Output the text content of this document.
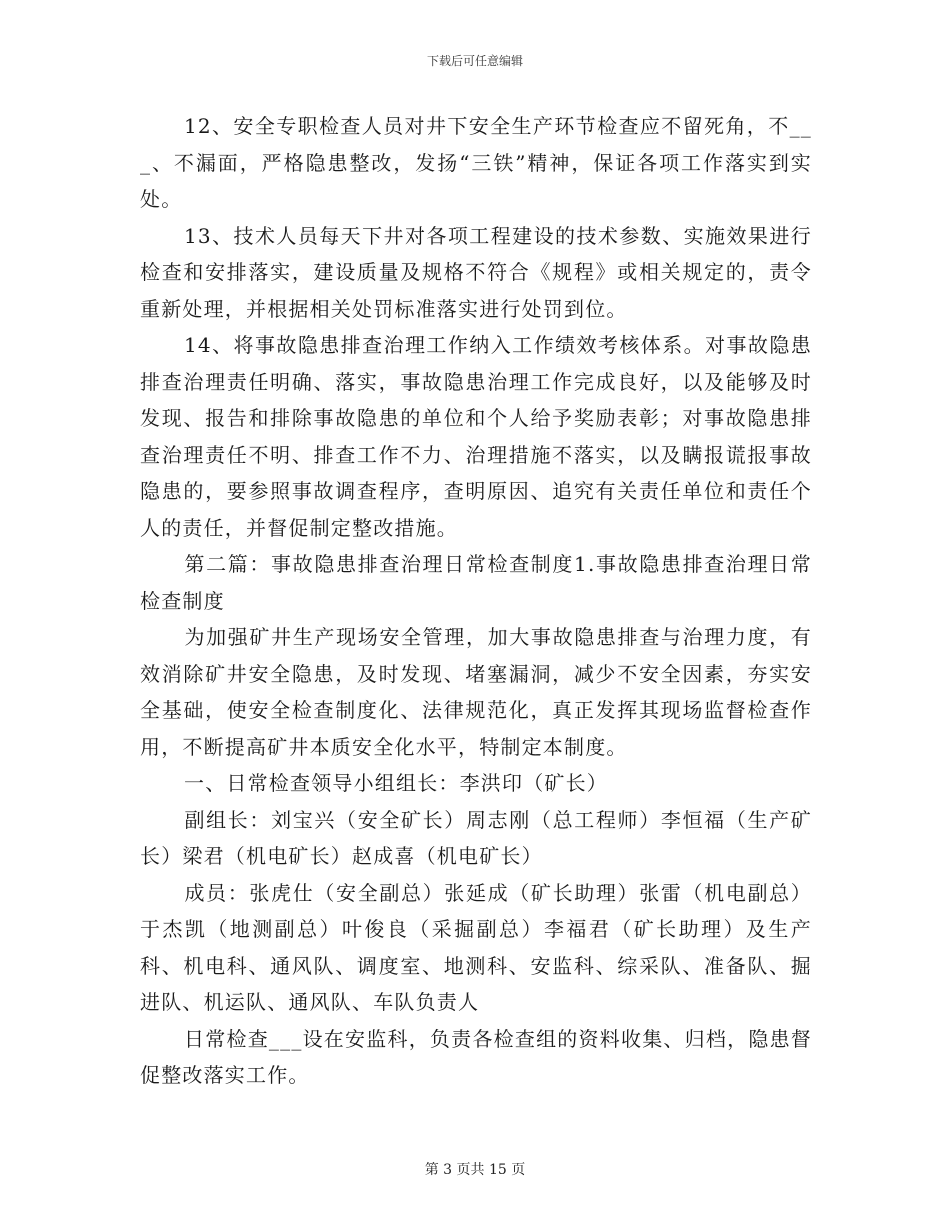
下载后可任意编辑

12、安全专职检查人员对井下安全生产环节检查应不留死角，不___、不漏面，严格隐患整改，发扬“三铁”精神，保证各项工作落实到实处。

13、技术人员每天下井对各项工程建设的技术参数、实施效果进行检查和安排落实，建设质量及规格不符合《规程》或相关规定的，责令重新处理，并根据相关处罚标准落实进行处罚到位。

14、将事故隐患排查治理工作纳入工作绩效考核体系。对事故隐患排查治理责任明确、落实，事故隐患治理工作完成良好，以及能够及时发现、报告和排除事故隐患的单位和个人给予奖励表彰；对事故隐患排查治理责任不明、排查工作不力、治理措施不落实，以及瞒报谎报事故隐患的，要参照事故调查程序，查明原因、追究有关责任单位和责任个人的责任，并督促制定整改措施。

第二篇：事故隐患排查治理日常检查制度1.事故隐患排查治理日常检查制度

为加强矿井生产现场安全管理，加大事故隐患排查与治理力度，有效消除矿井安全隐患，及时发现、堵塞漏洞，减少不安全因素，夯实安全基础，使安全检查制度化、法律规范化，真正发挥其现场监督检查作用，不断提高矿井本质安全化水平，特制定本制度。

一、日常检查领导小组组长：李洪印（矿长）

副组长：刘宝兴（安全矿长）周志刚（总工程师）李恒福（生产矿长）梁君（机电矿长）赵成喜（机电矿长）

成员：张虎仕（安全副总）张延成（矿长助理）张雷（机电副总）于杰凯（地测副总）叶俊良（采掘副总）李福君（矿长助理）及生产科、机电科、通风队、调度室、地测科、安监科、综采队、准备队、掘进队、机运队、通风队、车队负责人

日常检查___设在安监科，负责各检查组的资料收集、归档，隐患督促整改落实工作。

第 3 页共 15 页
